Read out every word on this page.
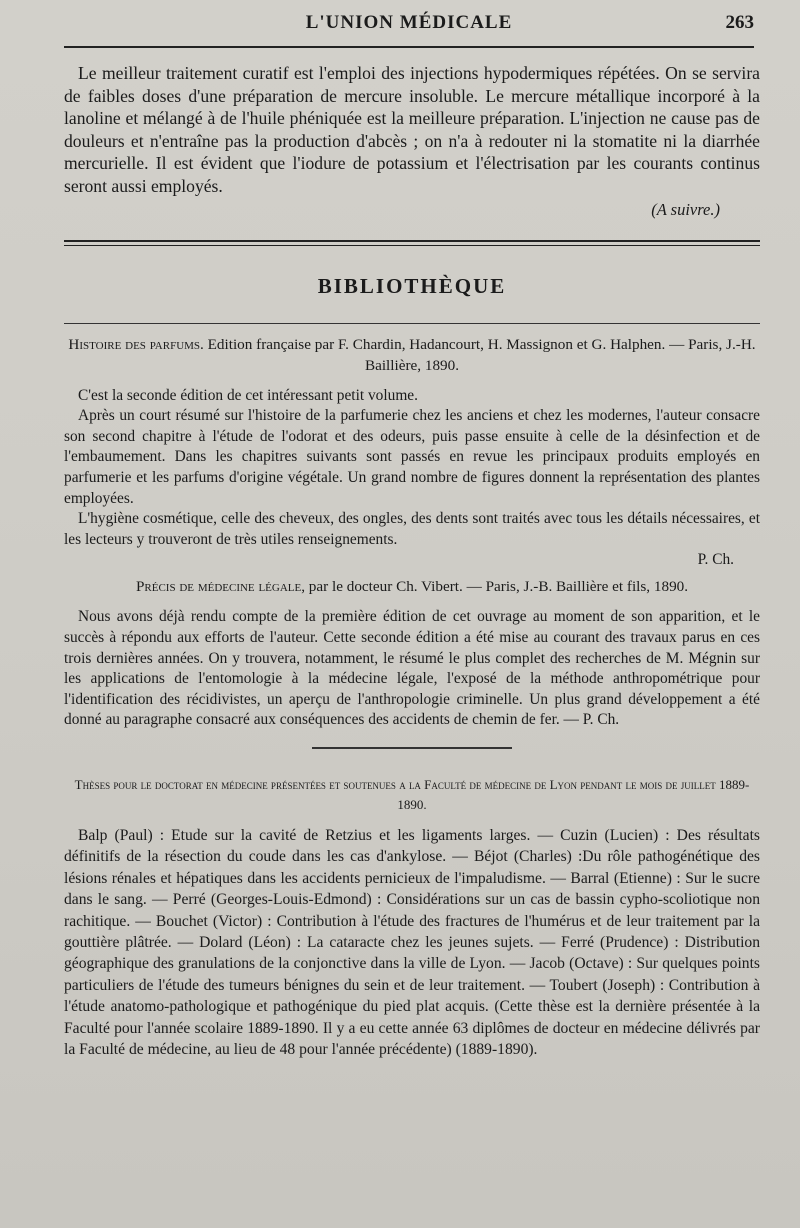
L'UNION MÉDICALE	263

Le meilleur traitement curatif est l'emploi des injections hypodermiques répétées. On se servira de faibles doses d'une préparation de mercure insoluble. Le mercure métallique incorporé à la lanoline et mélangé à de l'huile phéniquée est la meilleure préparation. L'injection ne cause pas de douleurs et n'entraîne pas la production d'abcès ; on n'a à redouter ni la stomatite ni la diarrhée mercurielle. Il est évident que l'iodure de potassium et l'électrisation par les courants continus seront aussi employés.

(A suivre.)
BIBLIOTHÈQUE
Histoire des parfums. Edition française par F. Chardin, Hadancourt, H. Massignon et G. Halphen. — Paris, J.-H. Baillière, 1890.

C'est la seconde édition de cet intéressant petit volume.

Après un court résumé sur l'histoire de la parfumerie chez les anciens et chez les modernes, l'auteur consacre son second chapitre à l'étude de l'odorat et des odeurs, puis passe ensuite à celle de la désinfection et de l'embaumement. Dans les chapitres suivants sont passés en revue les principaux produits employés en parfumerie et les parfums d'origine végétale. Un grand nombre de figures donnent la représentation des plantes employées.

L'hygiène cosmétique, celle des cheveux, des ongles, des dents sont traités avec tous les détails nécessaires, et les lecteurs y trouveront de très utiles renseignements.

P. Ch.
Précis de médecine légale, par le docteur Ch. Vibert. — Paris, J.-B. Baillière et fils, 1890.

Nous avons déjà rendu compte de la première édition de cet ouvrage au moment de son apparition, et le succès à répondu aux efforts de l'auteur. Cette seconde édition a été mise au courant des travaux parus en ces trois dernières années. On y trouvera, notamment, le résumé le plus complet des recherches de M. Mégnin sur les applications de l'entomologie à la médecine légale, l'exposé de la méthode anthropométrique pour l'identification des récidivistes, un aperçu de l'anthropologie criminelle. Un plus grand développement a été donné au paragraphe consacré aux conséquences des accidents de chemin de fer. — P. Ch.

Thèses pour le doctorat en médecine présentées et soutenues a la Faculté de médecine de Lyon pendant le mois de juillet 1889-1890.

Balp (Paul) : Etude sur la cavité de Retzius et les ligaments larges. — Cuzin (Lucien) : Des résultats définitifs de la résection du coude dans les cas d'ankylose. — Béjot (Charles) :Du rôle pathogénétique des lésions rénales et hépatiques dans les accidents pernicieux de l'impaludisme. — Barral (Etienne) : Sur le sucre dans le sang. — Perré (Georges-Louis-Edmond) : Considérations sur un cas de bassin cypho-scoliotique non rachitique. — Bouchet (Victor) : Contribution à l'étude des fractures de l'humérus et de leur traitement par la gouttière plâtrée. — Dolard (Léon) : La cataracte chez les jeunes sujets. — Ferré (Prudence) : Distribution géographique des granulations de la conjonctive dans la ville de Lyon. — Jacob (Octave) : Sur quelques points particuliers de l'étude des tumeurs bénignes du sein et de leur traitement. — Toubert (Joseph) : Contribution à l'étude anatomo-pathologique et pathogénique du pied plat acquis. (Cette thèse est la dernière présentée à la Faculté pour l'année scolaire 1889-1890. Il y a eu cette année 63 diplômes de docteur en médecine délivrés par la Faculté de médecine, au lieu de 48 pour l'année précédente) (1889-1890).
